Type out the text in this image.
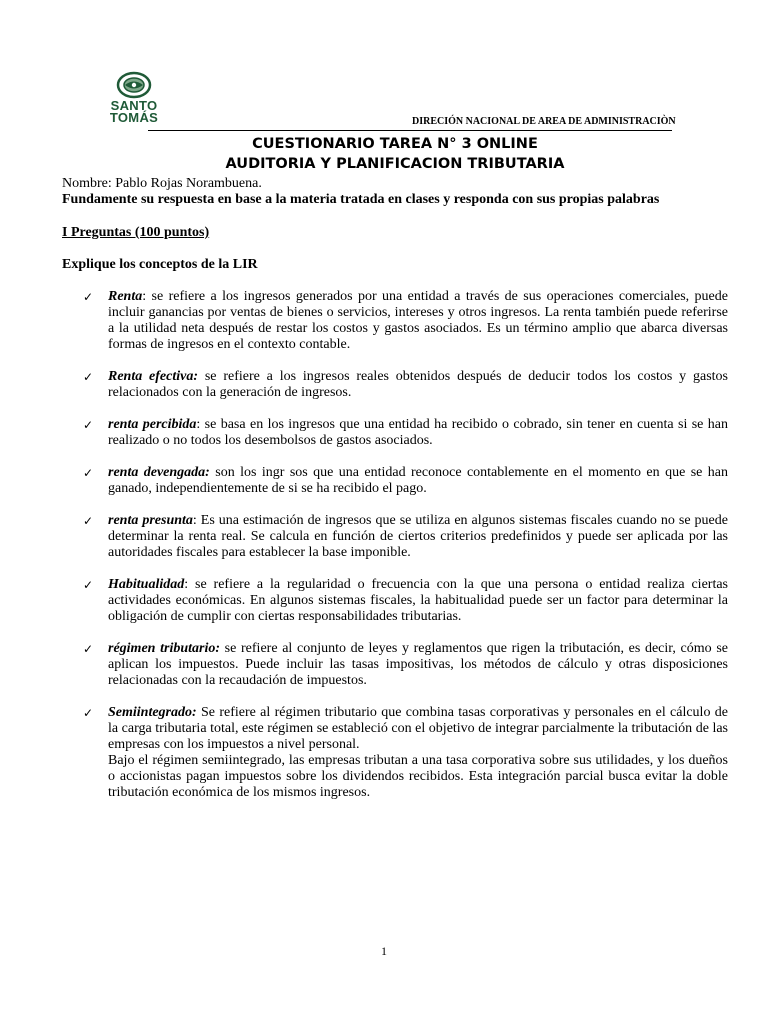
SANTO
TOMÁS	DIRECIÓN NACIONAL DE AREA DE ADMINISTRACIÒN
CUESTIONARIO TAREA N° 3 ONLINE
AUDITORIA Y PLANIFICACION TRIBUTARIA
Nombre: Pablo Rojas Norambuena.
Fundamente su respuesta en base a la materia tratada en clases y responda con sus propias palabras
I Preguntas (100 puntos)
Explique los conceptos de la LIR
✓ Renta: se refiere a los ingresos generados por una entidad a través de sus operaciones comerciales, puede incluir ganancias por ventas de bienes o servicios, intereses y otros ingresos. La renta también puede referirse a la utilidad neta después de restar los costos y gastos asociados. Es un término amplio que abarca diversas formas de ingresos en el contexto contable.
✓ Renta efectiva: se refiere a los ingresos reales obtenidos después de deducir todos los costos y gastos relacionados con la generación de ingresos.
✓ renta percibida: se basa en los ingresos que una entidad ha recibido o cobrado, sin tener en cuenta si se han realizado o no todos los desembolsos de gastos asociados.
✓ renta devengada: son los ingr sos que una entidad reconoce contablemente en el momento en que se han ganado, independientemente de si se ha recibido el pago.
✓ renta presunta: Es una estimación de ingresos que se utiliza en algunos sistemas fiscales cuando no se puede determinar la renta real. Se calcula en función de ciertos criterios predefinidos y puede ser aplicada por las autoridades fiscales para establecer la base imponible.
✓ Habitualidad: se refiere a la regularidad o frecuencia con la que una persona o entidad realiza ciertas actividades económicas. En algunos sistemas fiscales, la habitualidad puede ser un factor para determinar la obligación de cumplir con ciertas responsabilidades tributarias.
✓ régimen tributario: se refiere al conjunto de leyes y reglamentos que rigen la tributación, es decir, cómo se aplican los impuestos. Puede incluir las tasas impositivas, los métodos de cálculo y otras disposiciones relacionadas con la recaudación de impuestos.
✓ Semiintegrado: Se refiere al régimen tributario que combina tasas corporativas y personales en el cálculo de la carga tributaria total, este régimen se estableció con el objetivo de integrar parcialmente la tributación de las empresas con los impuestos a nivel personal.
Bajo el régimen semiintegrado, las empresas tributan a una tasa corporativa sobre sus utilidades, y los dueños o accionistas pagan impuestos sobre los dividendos recibidos. Esta integración parcial busca evitar la doble tributación económica de los mismos ingresos.
1
